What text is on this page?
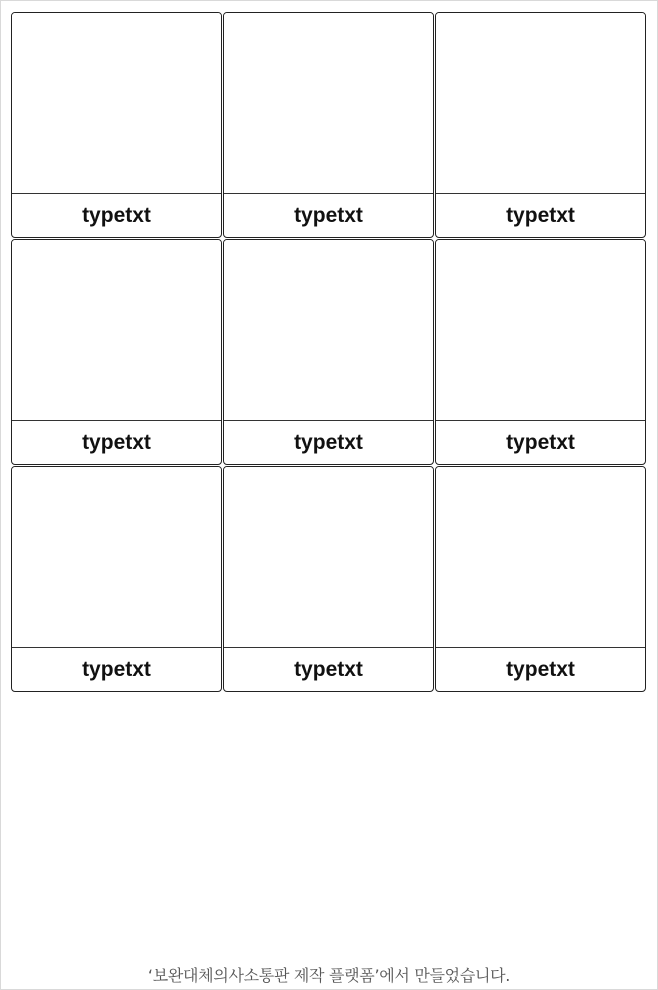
typetxt	typetxt	typetxt
typetxt	typetxt	typetxt
typetxt	typetxt	typetxt
‘보완대체의사소통판 제작 플랫폼’에서 만들었습니다.
